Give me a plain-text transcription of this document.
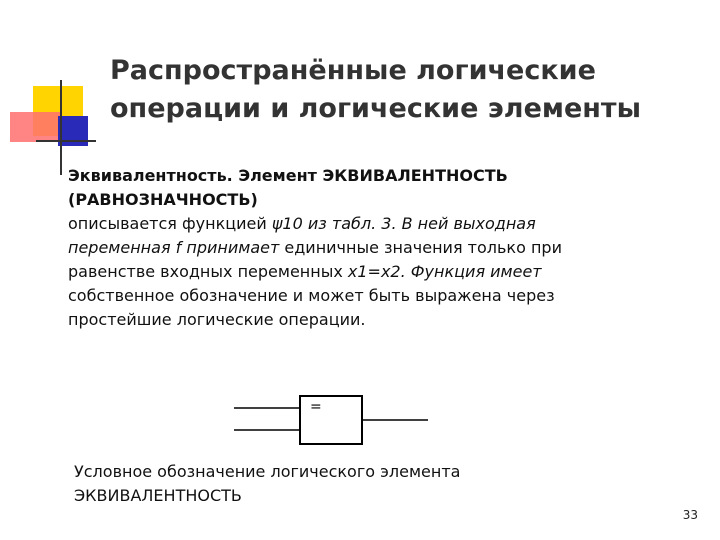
Распространённые логические
операции и логические элементы
Эквивалентность. Элемент ЭКВИВАЛЕНТНОСТЬ
(РАВНОЗНАЧНОСТЬ)
описывается функцией ψ10 из табл. 3. В ней выходная
переменная f принимает единичные значения только при
равенстве входных переменных x1=x2. Функция имеет
собственное обозначение и может быть выражена через
простейшие логические операции.
=
Условное обозначение логического элемента
ЭКВИВАЛЕНТНОСТЬ
33
